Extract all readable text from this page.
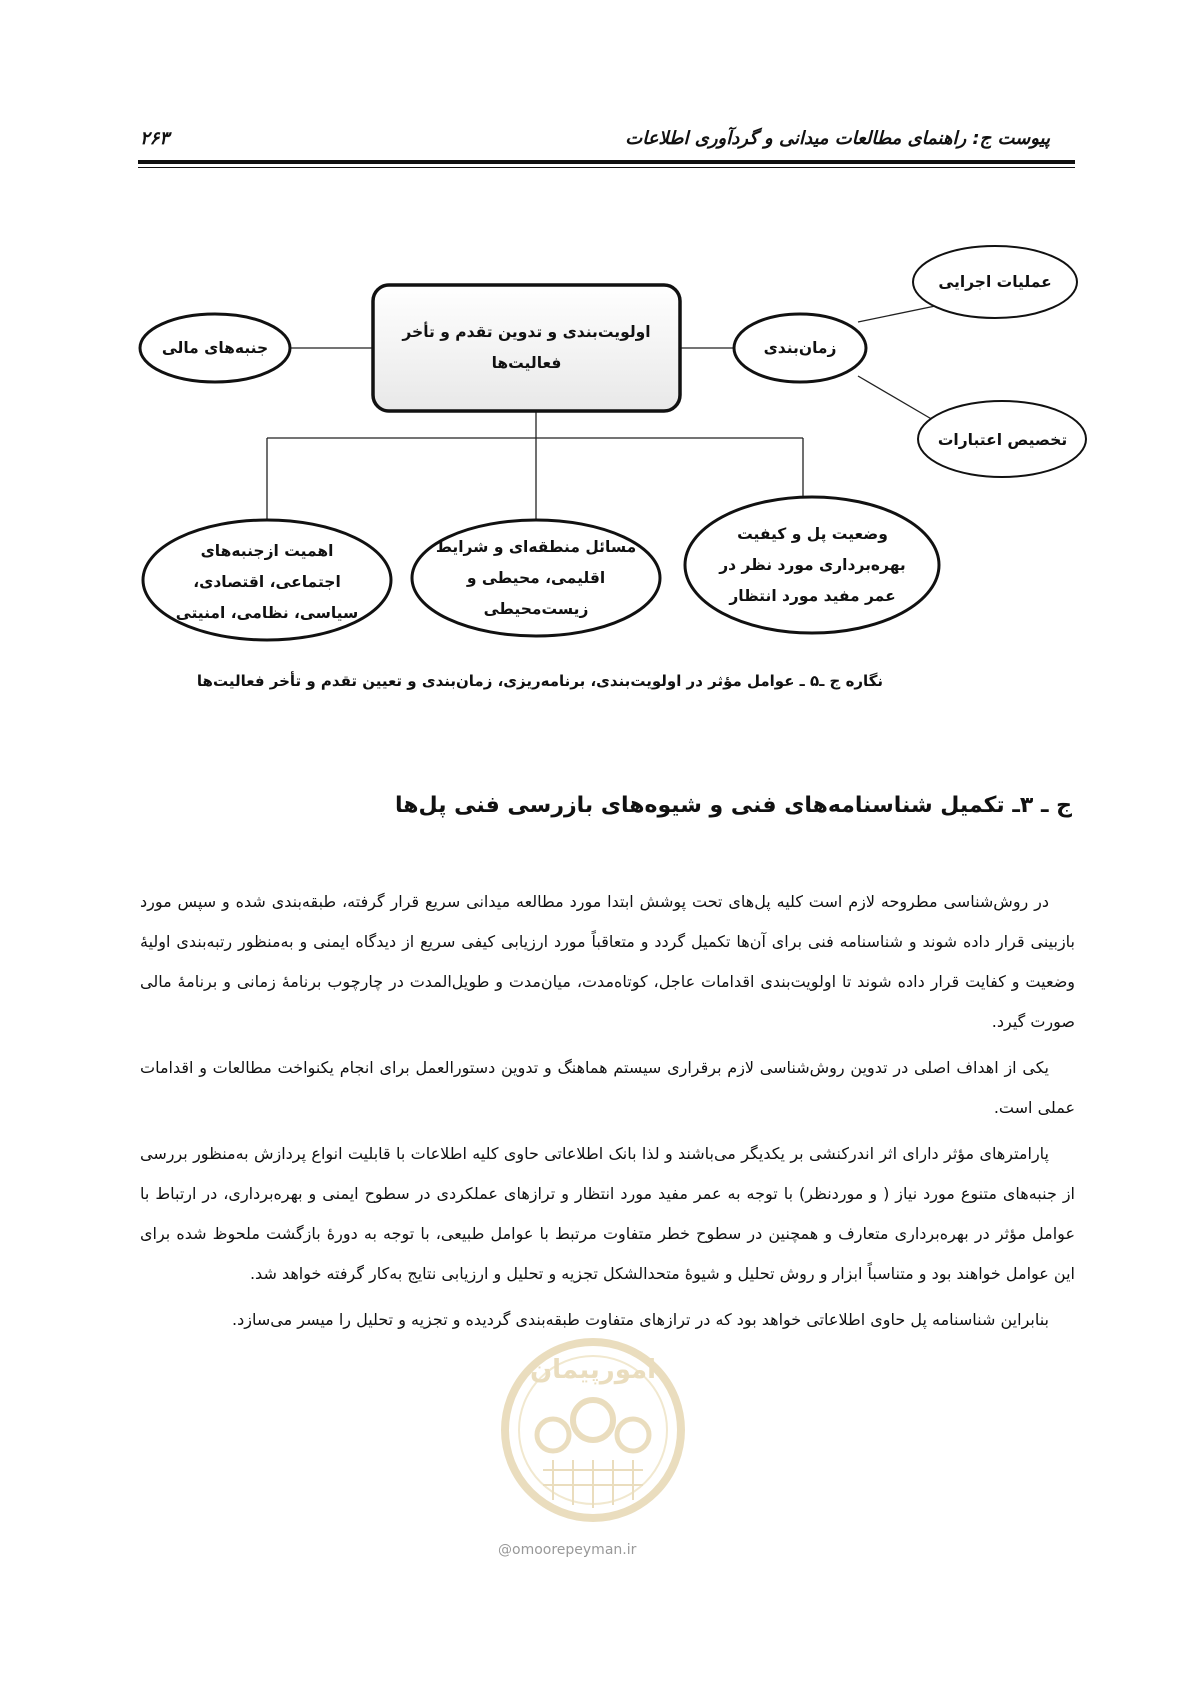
پیوست ج: راهنمای مطالعات میدانی و گردآوری اطلاعات
۲۶۳
اولویت‌بندی و تدوین تقدم و تأخر
فعالیت‌ها
جنبه‌های مالی	زمان‌بندی
عملیات اجرایی
تخصیص اعتبارات
وضعیت پل و کیفیت
بهره‌برداری مورد نظر در
عمر مفید مورد انتظار
مسائل منطقه‌ای و شرایط
اقلیمی، محیطی و
زیست‌محیطی
اهمیت ازجنبه‌های
اجتماعی، اقتصادی،
سیاسی، نظامی، امنیتی
نگاره ج ـ۵ ـ عوامل مؤثر در اولویت‌بندی، برنامه‌ریزی، زمان‌بندی و تعیین تقدم و تأخر فعالیت‌ها
ج ـ ۳ـ تکمیل شناسنامه‌های فنی و شیوه‌های بازرسی فنی پل‌ها

در روش‌شناسی مطروحه لازم است کلیه پل‌های تحت پوشش ابتدا مورد مطالعه میدانی سریع قرار گرفته، طبقه‌بندی شده و سپس مورد بازبینی قرار داده شوند و شناسنامه فنی برای آن‌ها تکمیل گردد و متعاقباً مورد ارزیابی کیفی سریع از دیدگاه ایمنی و به‌منظور رتبه‌بندی اولیهٔ وضعیت و کفایت قرار داده شوند تا اولویت‌بندی اقدامات عاجل، کوتاه‌مدت، میان‌مدت و طویل‌المدت در چارچوب برنامهٔ زمانی و برنامهٔ مالی صورت گیرد.

یکی از اهداف اصلی در تدوین روش‌شناسی لازم برقراری سیستم هماهنگ و تدوین دستورالعمل برای انجام یکنواخت مطالعات و اقدامات عملی است.

پارامترهای مؤثر دارای اثر اندرکنشی بر یکدیگر می‌باشند و لذا بانک اطلاعاتی حاوی کلیه اطلاعات با قابلیت انواع پردازش به‌منظور بررسی از جنبه‌های متنوع مورد نیاز ( و موردنظر) با توجه به عمر مفید مورد انتظار و ترازهای عملکردی در سطوح ایمنی و بهره‌برداری، در ارتباط با عوامل مؤثر در بهره‌برداری متعارف و همچنین در سطوح خطر متفاوت مرتبط با عوامل طبیعی، با توجه به دورهٔ بازگشت ملحوظ شده برای این عوامل خواهند بود و متناسباً ابزار و روش تحلیل و شیوهٔ متحدالشکل تجزیه و تحلیل و ارزیابی نتایج به‌کار گرفته خواهد شد.

بنابراین شناسنامه پل حاوی اطلاعاتی خواهد بود که در ترازهای متفاوت طبقه‌بندی گردیده و تجزیه و تحلیل را میسر می‌سازد.

امورپیمان
@omoorepeyman.ir
